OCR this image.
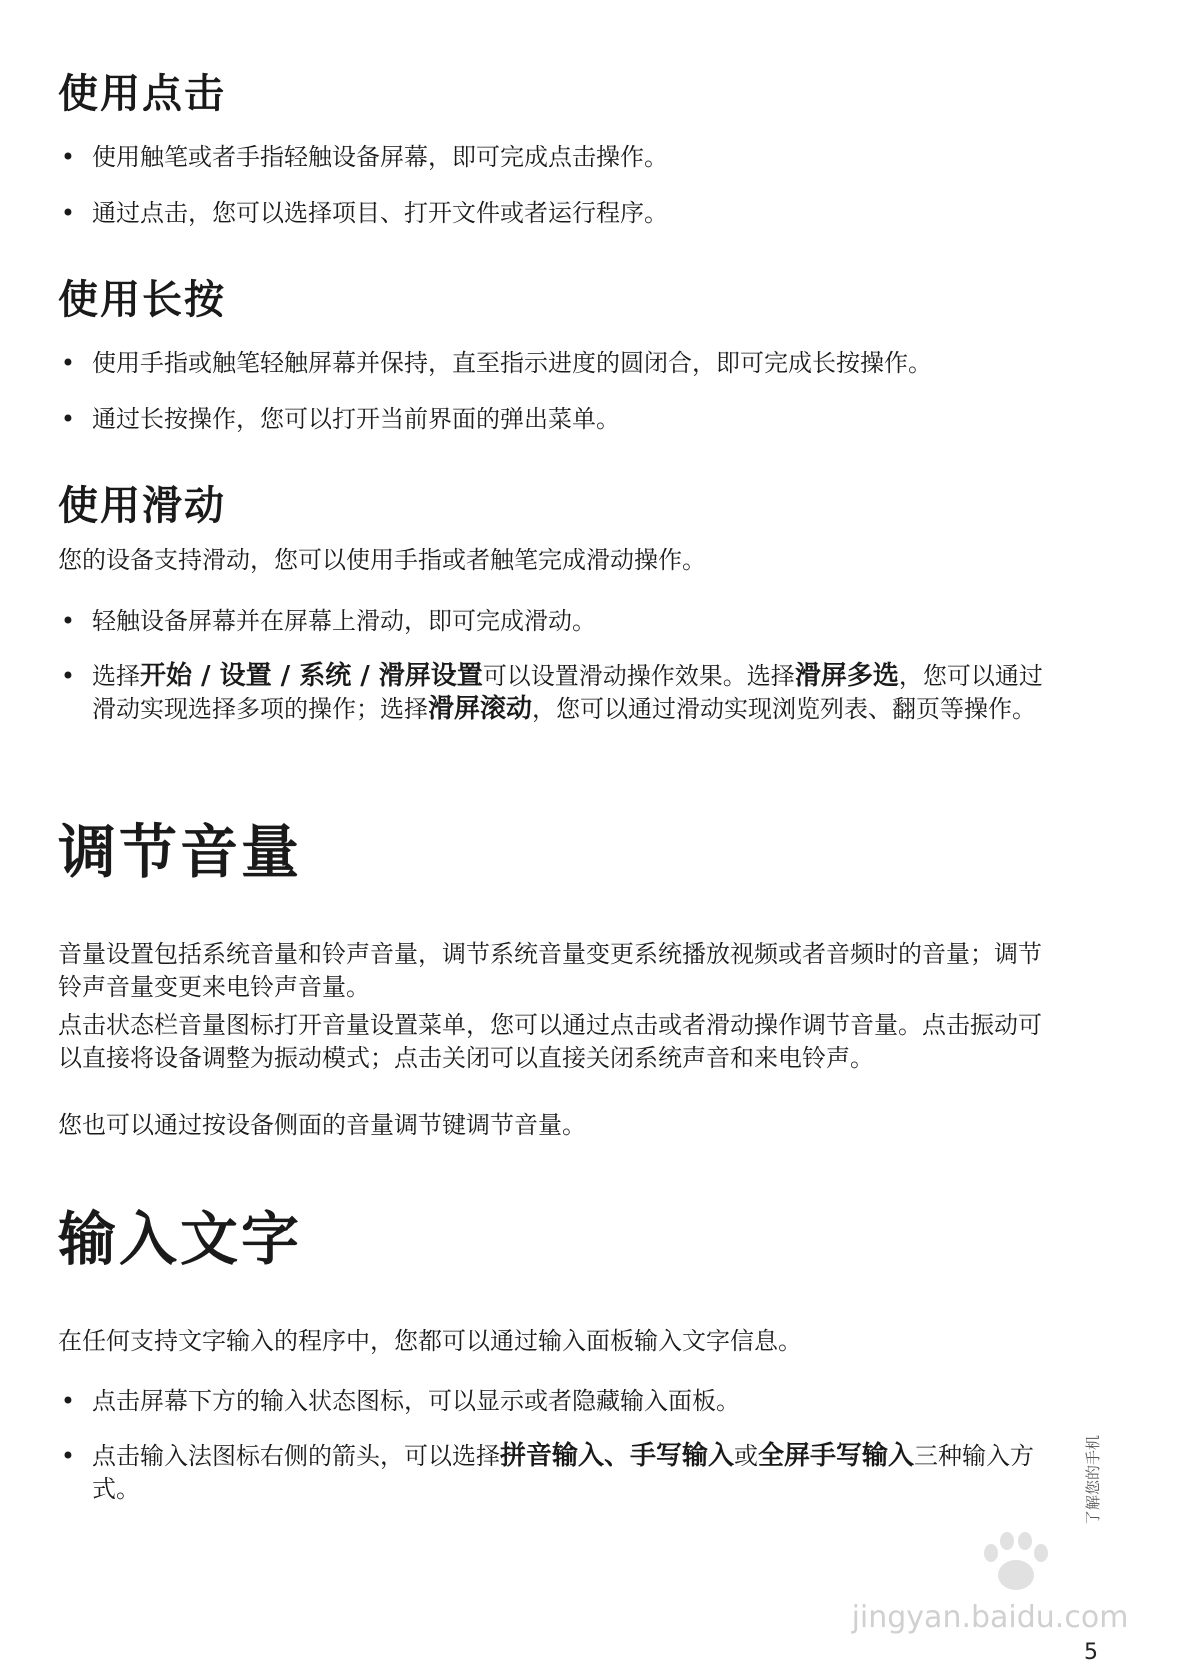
使用点击
• 使用触笔或者手指轻触设备屏幕，即可完成点击操作。
• 通过点击，您可以选择项目、打开文件或者运行程序。
使用长按
• 使用手指或触笔轻触屏幕并保持，直至指示进度的圆闭合，即可完成长按操作。
• 通过长按操作，您可以打开当前界面的弹出菜单。
使用滑动

您的设备支持滑动，您可以使用手指或者触笔完成滑动操作。

• 轻触设备屏幕并在屏幕上滑动，即可完成滑动。
• 选择开始 / 设置 / 系统 / 滑屏设置可以设置滑动操作效果。选择滑屏多选，您可以通过滑动实现选择多项的操作；选择滑屏滚动，您可以通过滑动实现浏览列表、翻页等操作。
调节音量

音量设置包括系统音量和铃声音量，调节系统音量变更系统播放视频或者音频时的音量；调节铃声音量变更来电铃声音量。

点击状态栏音量图标打开音量设置菜单，您可以通过点击或者滑动操作调节音量。点击振动可以直接将设备调整为振动模式；点击关闭可以直接关闭系统声音和来电铃声。

您也可以通过按设备侧面的音量调节键调节音量。

输入文字

在任何支持文字输入的程序中，您都可以通过输入面板输入文字信息。

• 点击屏幕下方的输入状态图标，可以显示或者隐藏输入面板。
• 点击输入法图标右侧的箭头，可以选择拼音输入、手写输入或全屏手写输入三种输入方式。	了解您的手机
5
jingyan.baidu.com
